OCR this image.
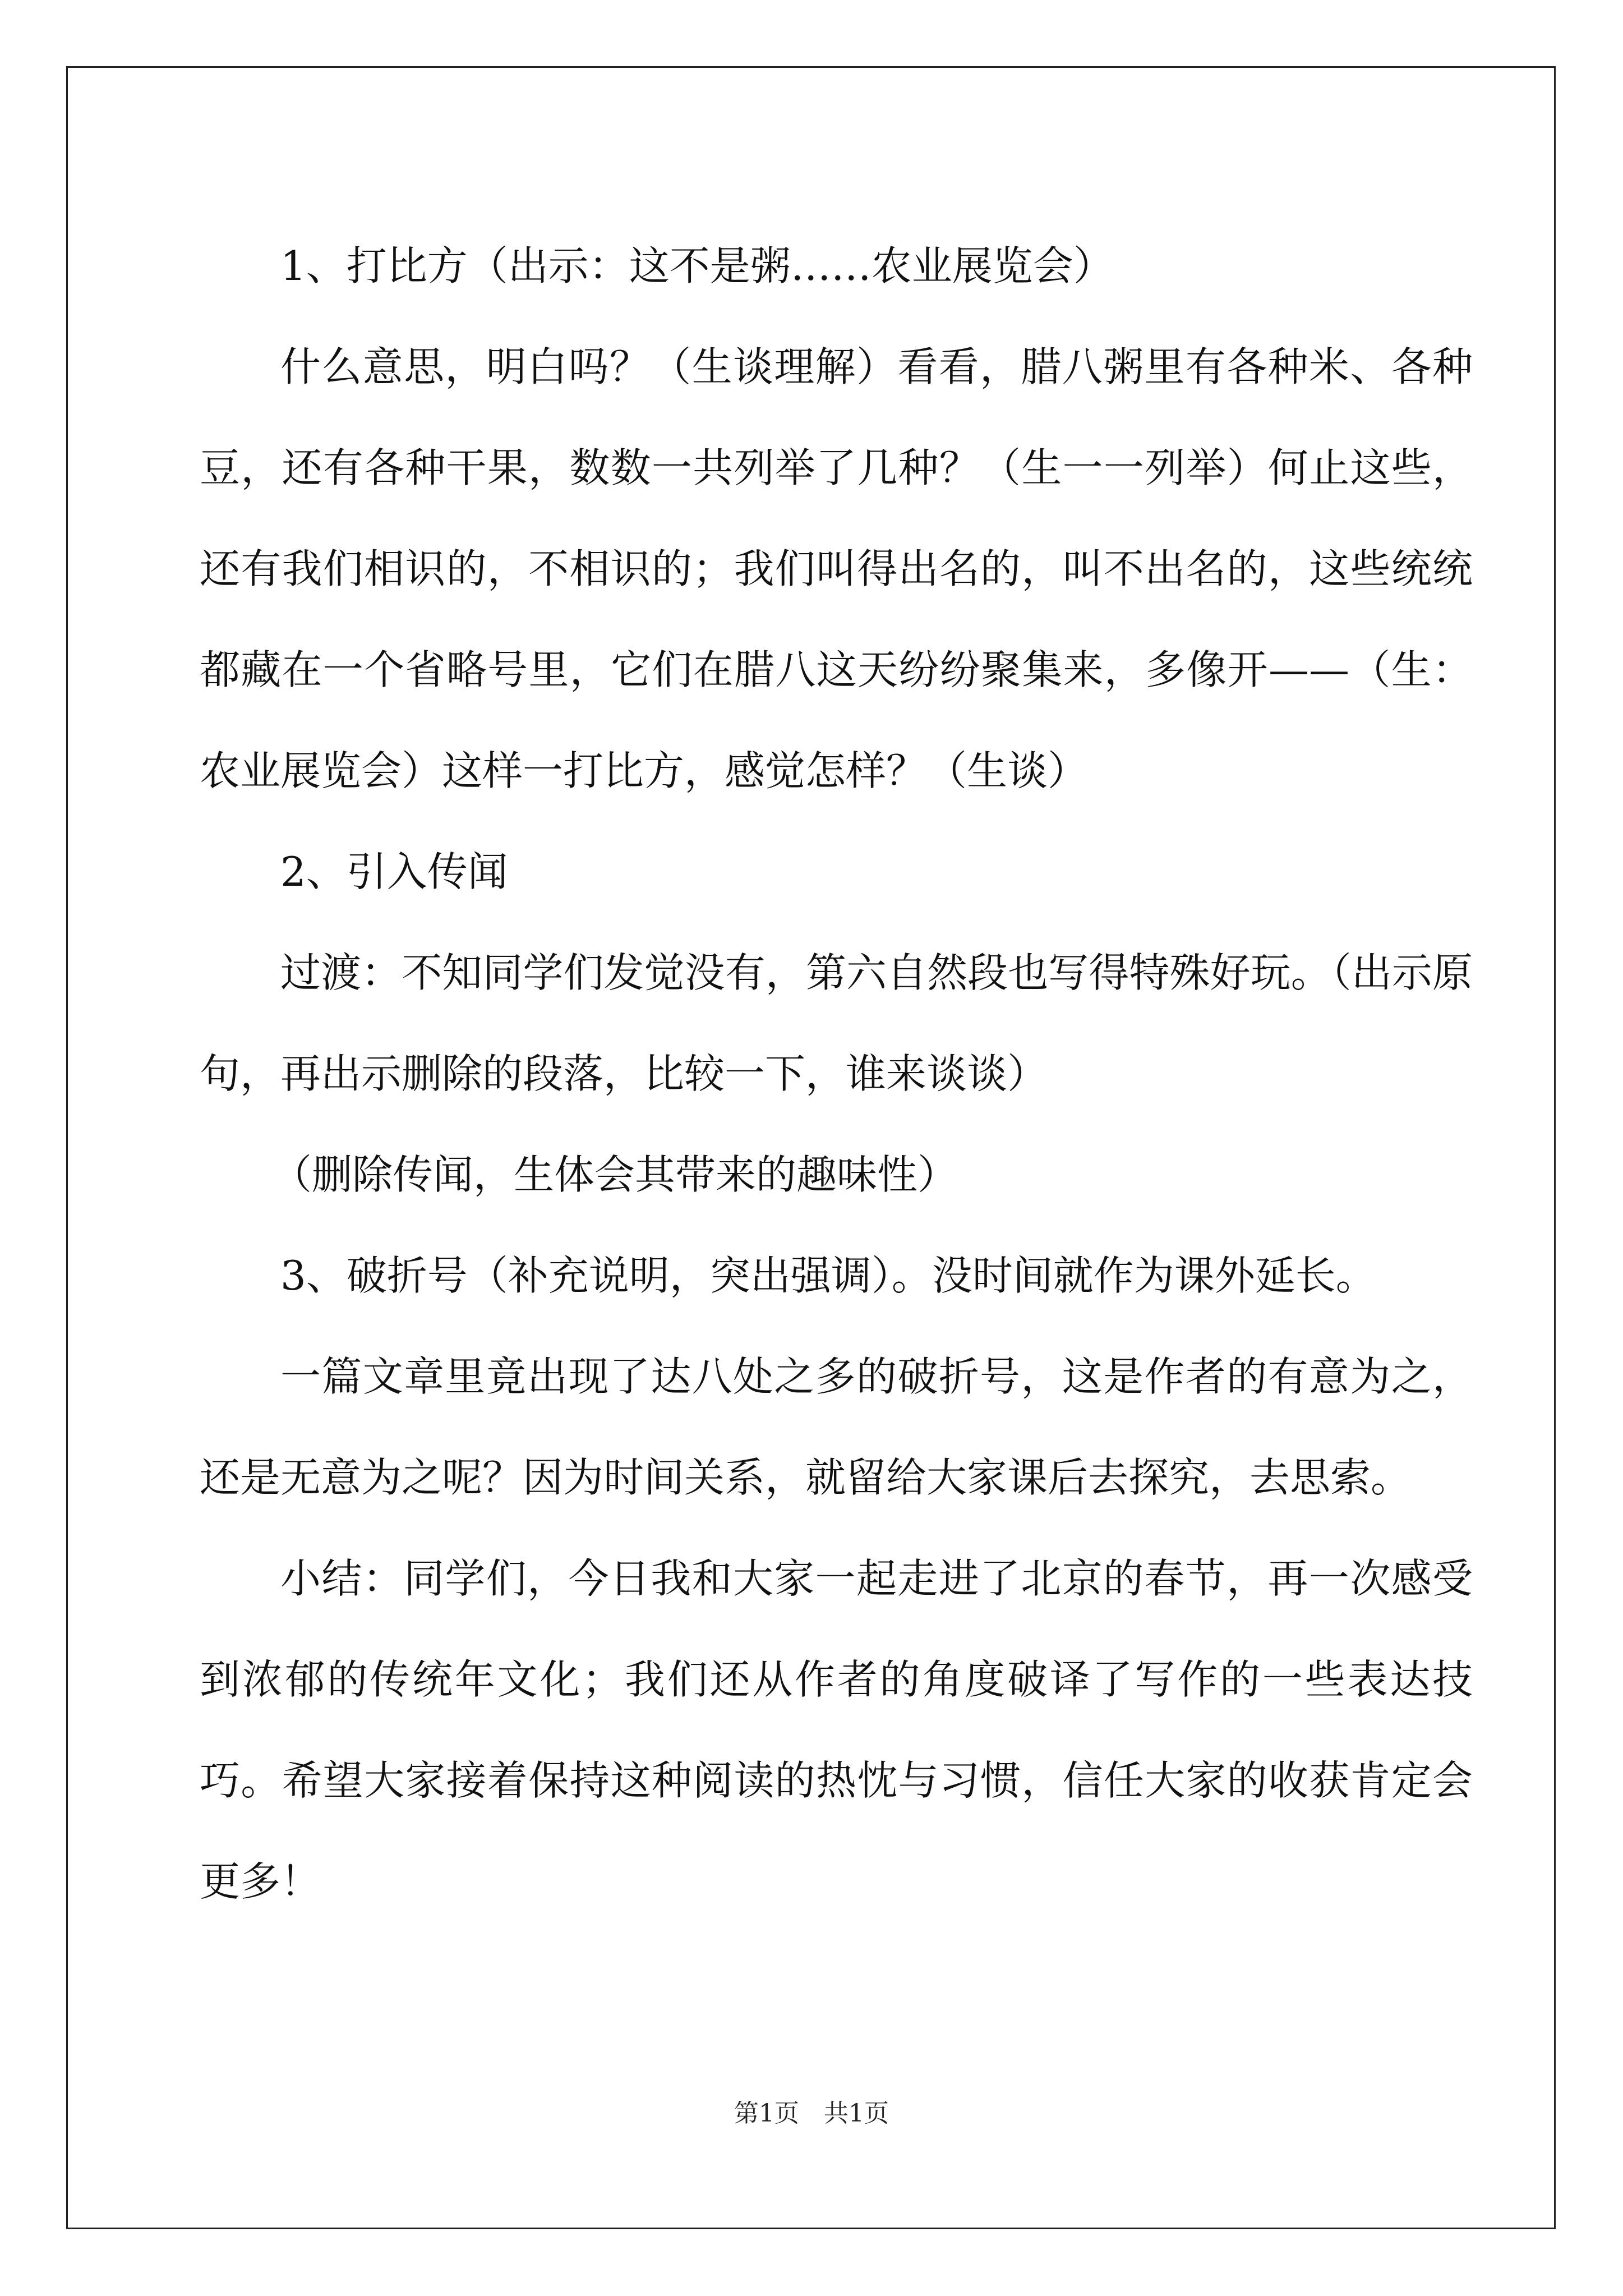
1、打比方（出示：这不是粥……农业展览会）

什么意思，明白吗？（生谈理解）看看，腊八粥里有各种米、各种豆，还有各种干果，数数一共列举了几种？（生一一列举）何止这些，还有我们相识的，不相识的；我们叫得出名的，叫不出名的，这些统统都藏在一个省略号里，它们在腊八这天纷纷聚集来，多像开——（生：农业展览会）这样一打比方，感觉怎样？（生谈）

2、引入传闻

过渡：不知同学们发觉没有，第六自然段也写得特殊好玩。（出示原句，再出示删除的段落，比较一下，谁来谈谈）

（删除传闻，生体会其带来的趣味性）

3、破折号（补充说明，突出强调）。没时间就作为课外延长。

一篇文章里竟出现了达八处之多的破折号，这是作者的有意为之，还是无意为之呢？因为时间关系，就留给大家课后去探究，去思索。

小结：同学们，今日我和大家一起走进了北京的春节，再一次感受到浓郁的传统年文化；我们还从作者的角度破译了写作的一些表达技巧。希望大家接着保持这种阅读的热忱与习惯，信任大家的收获肯定会更多！

第1页　共1页
